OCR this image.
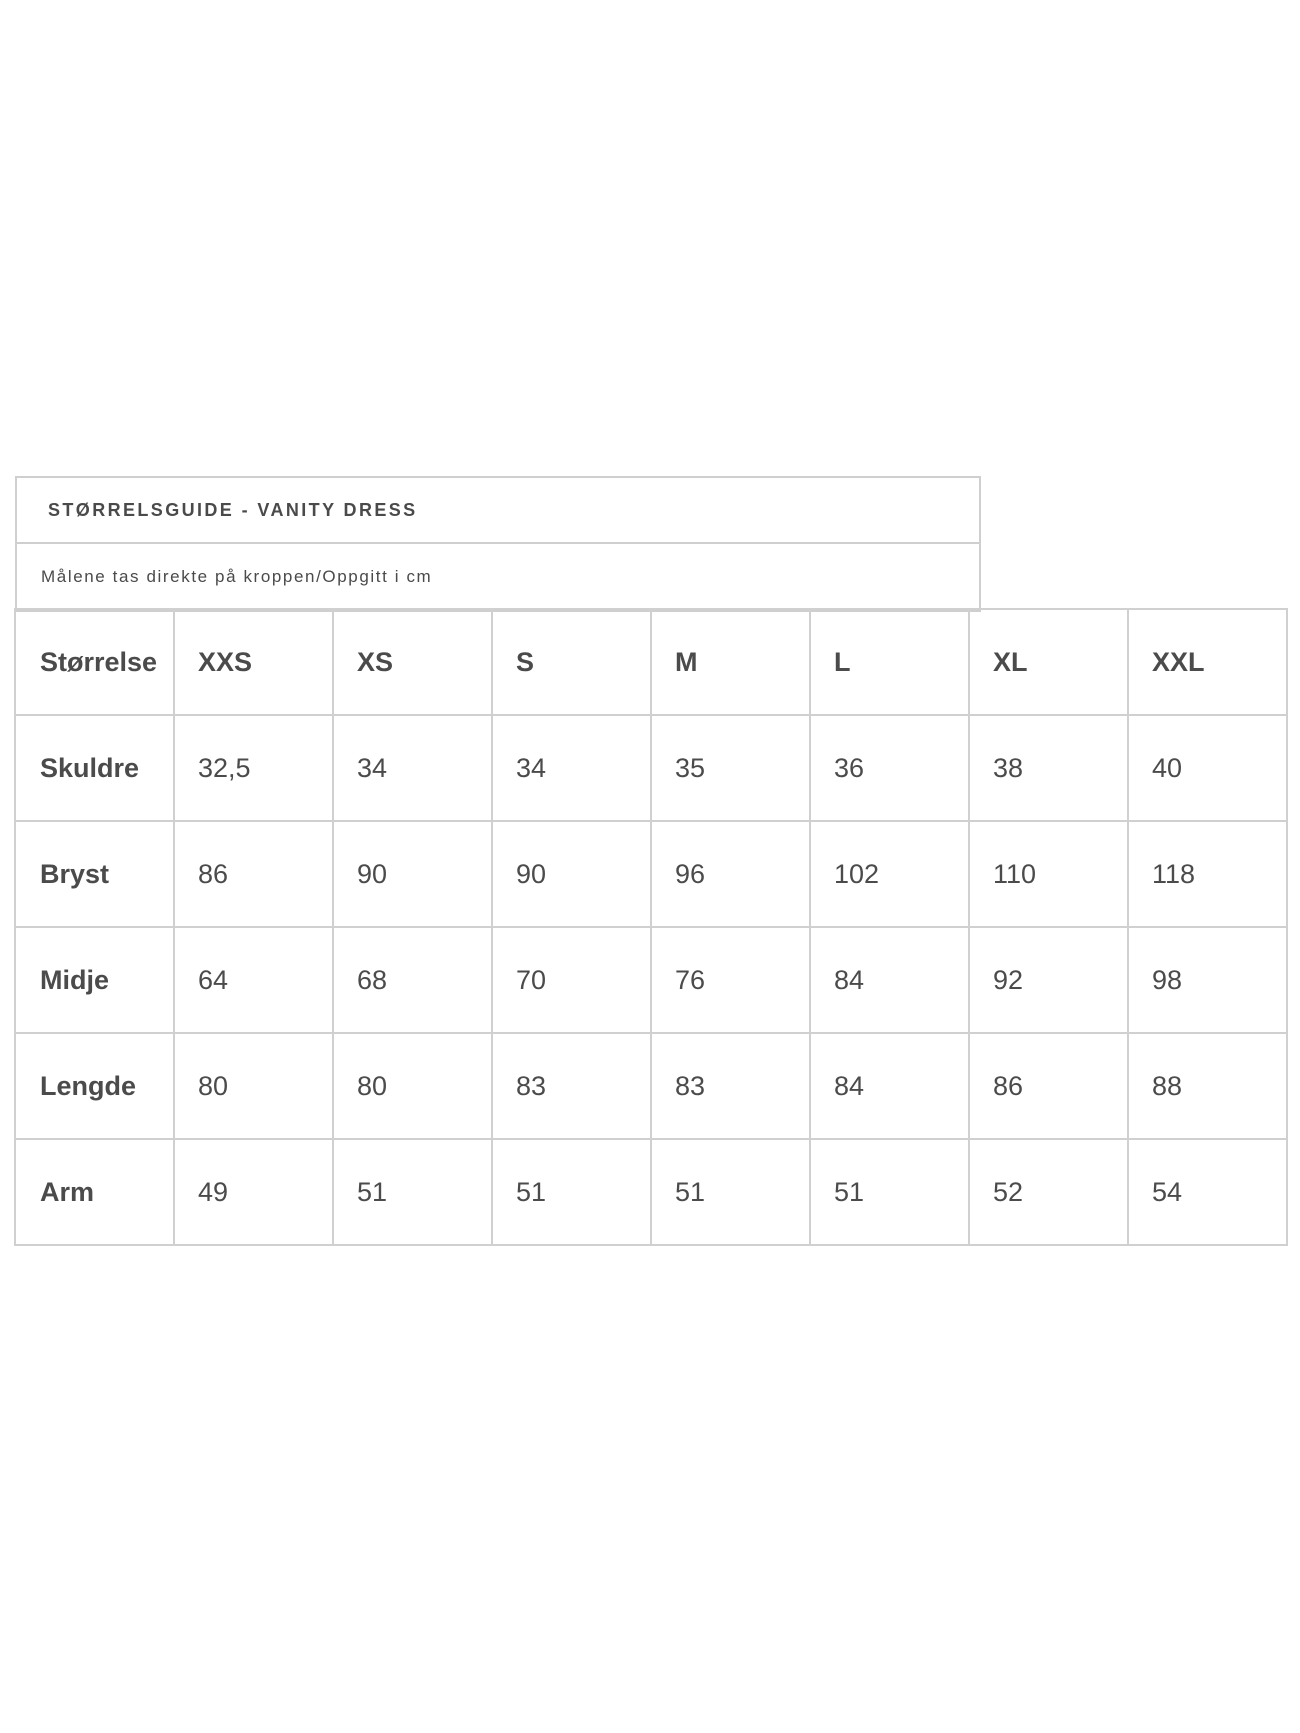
STØRRELSGUIDE - VANITY DRESS
Målene tas direkte på kroppen/Oppgitt i cm
Størrelse	XXS	XS	S	M	L	XL	XXL
Skuldre	32,5	34	34	35	36	38	40
Bryst	86	90	90	96	102	110	118
Midje	64	68	70	76	84	92	98
Lengde	80	80	83	83	84	86	88
Arm	49	51	51	51	51	52	54
